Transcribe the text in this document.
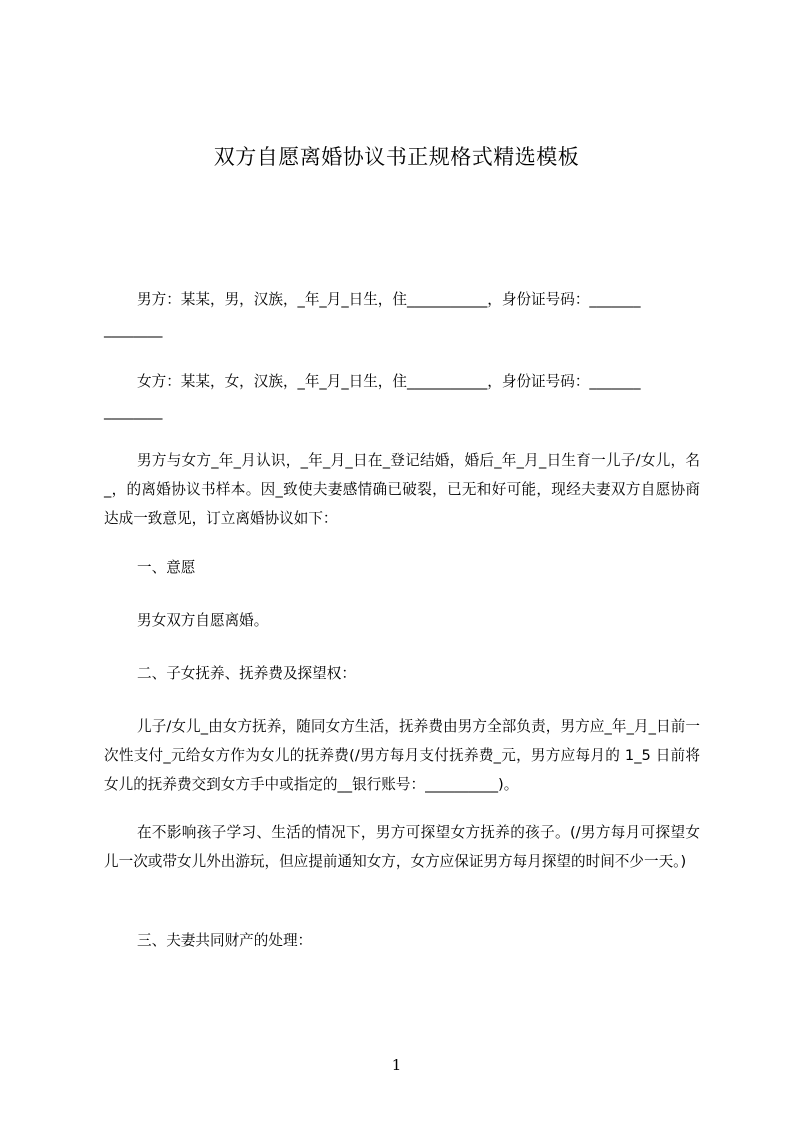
双方自愿离婚协议书正规格式精选模板
男方：某某，男，汉族，_年_月_日生，住___________，身份证号码：_______
________
女方：某某，女，汉族，_年_月_日生，住___________，身份证号码：_______
________
男方与女方_年_月认识，_年_月_日在_登记结婚，婚后_年_月_日生育一儿子/女儿，名_，的离婚协议书样本。因_致使夫妻感情确已破裂，已无和好可能，现经夫妻双方自愿协商达成一致意见，订立离婚协议如下：
一、意愿
男女双方自愿离婚。
二、子女抚养、抚养费及探望权：
儿子/女儿_由女方抚养，随同女方生活，抚养费由男方全部负责，男方应_年_月_日前一次性支付_元给女方作为女儿的抚养费(/男方每月支付抚养费_元，男方应每月的 1_5 日前将女儿的抚养费交到女方手中或指定的__银行账号：__________)。
在不影响孩子学习、生活的情况下，男方可探望女方抚养的孩子。(/男方每月可探望女儿一次或带女儿外出游玩，但应提前通知女方，女方应保证男方每月探望的时间不少一天。)
三、夫妻共同财产的处理：
1
